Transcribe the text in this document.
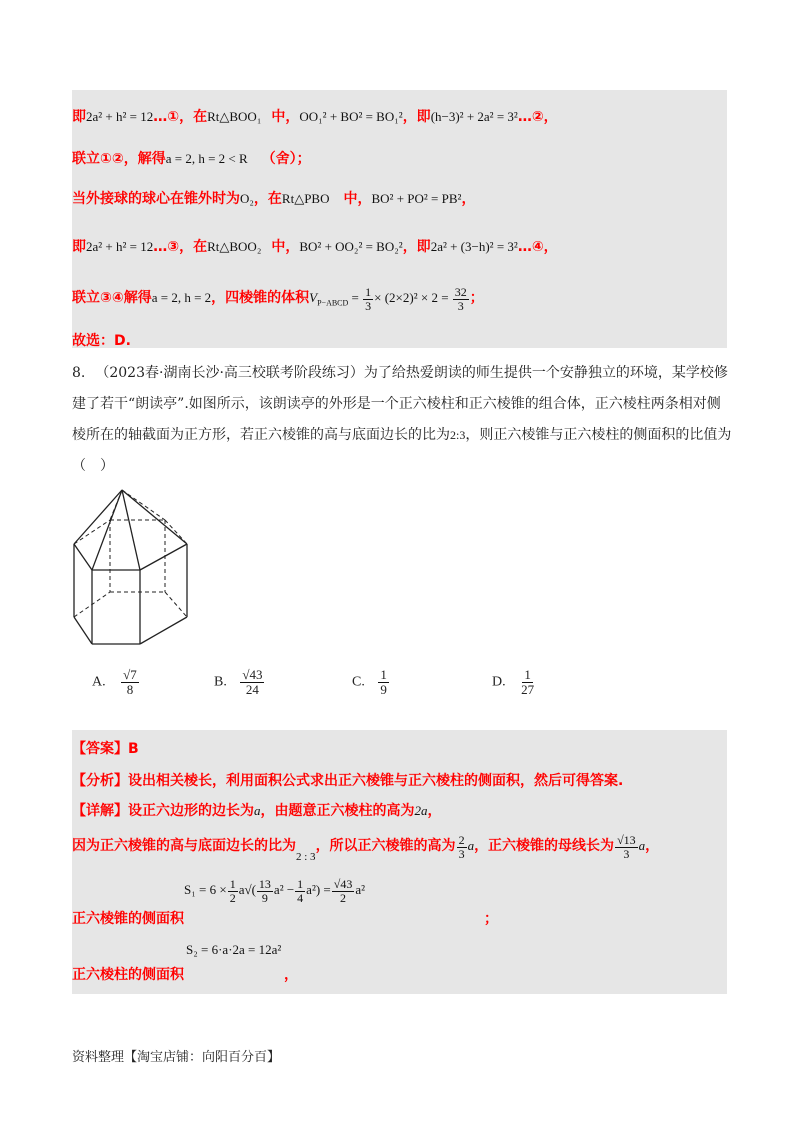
即2a² + h² = 12…①，在Rt△BOO₁ 中，OO₁² + BO² = BO₁²，即(h−3)² + 2a² = 3²…②，
联立①②，解得a = 2, h = 2 < R （舍）；
当外接球的球心在锥外时为O₂，在Rt△PBO 中，BO² + PO² = PB²，
即2a² + h² = 12…③，在Rt△BOO₂ 中，BO² + OO₂² = BO₂²，即2a² + (3−h)² = 3²…④，
联立③④解得a = 2, h = 2，四棱锥的体积$V_{P-ABCD} = \frac{1}{3} \times (2\times 2)^2 \times 2 = \frac{32}{3}$ ；
故选：D.
8. （2023春·湖南长沙·高三校联考阶段练习）为了给热爱朗读的师生提供一个安静独立的环境，某学校修建了若干“朗读亭”.如图所示，该朗读亭的外形是一个正六棱柱和正六棱锥的组合体，正六棱柱两条相对侧棱所在的轴截面为正方形，若正六棱锥的高与底面边长的比为2:3，则正六棱锥与正六棱柱的侧面积的比值为（　）
A. $\frac{√7}{8}$	B. $\frac{√43}{24}$	C. $\frac{1}{9}$	D. $\frac{1}{27}$
【答案】B
【分析】设出相关棱长，利用面积公式求出正六棱锥与正六棱柱的侧面积，然后可得答案.
【详解】设正六边形的边长为a，由题意正六棱柱的高为2a，
因为正六棱锥的高与底面边长的比为$_{2 : 3}$，所以正六棱锥的高为 $\frac{2}{3}$ a，正六棱锥的母线长为 $\frac{√13}{3}$ a，
$S_1 = 6 \times \frac{1}{2} a√( \frac{13}{9} a^2 - \frac{1}{4} a^2) = \frac{√43}{2} a^2$
正六棱锥的侧面积	；
S₂ = 6·a·2a = 12a²
正六棱柱的侧面积	，
资料整理【淘宝店铺：向阳百分百】
